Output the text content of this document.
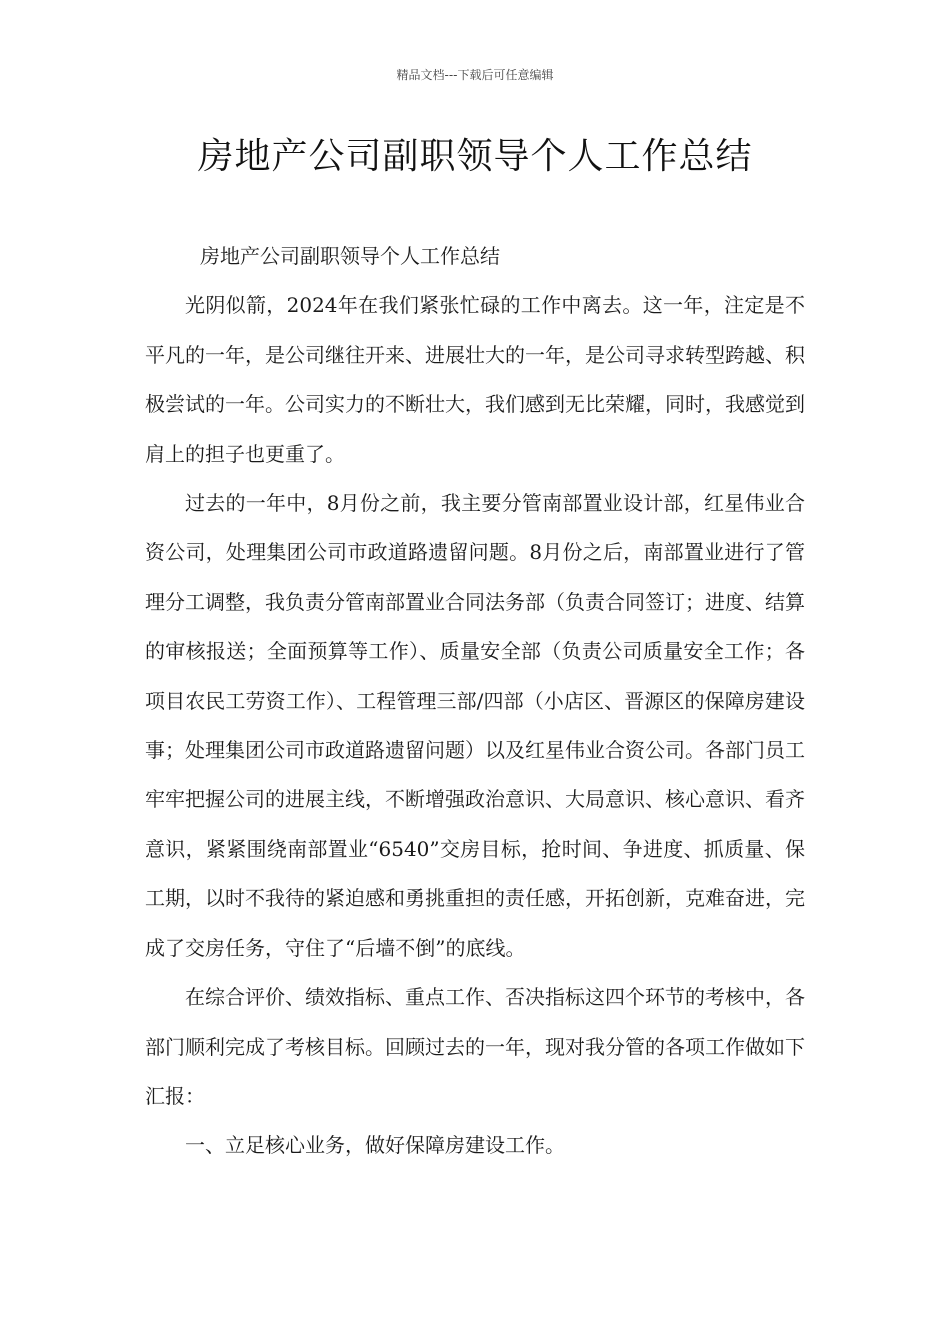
精品文档---下载后可任意编辑
房地产公司副职领导个人工作总结

房地产公司副职领导个人工作总结

光阴似箭，2024年在我们紧张忙碌的工作中离去。这一年，注定是不平凡的一年，是公司继往开来、进展壮大的一年，是公司寻求转型跨越、积极尝试的一年。公司实力的不断壮大，我们感到无比荣耀，同时，我感觉到肩上的担子也更重了。

过去的一年中，8月份之前，我主要分管南部置业设计部，红星伟业合资公司，处理集团公司市政道路遗留问题。8月份之后，南部置业进行了管理分工调整，我负责分管南部置业合同法务部（负责合同签订；进度、结算的审核报送；全面预算等工作）、质量安全部（负责公司质量安全工作；各项目农民工劳资工作）、工程管理三部/四部（小店区、晋源区的保障房建设事；处理集团公司市政道路遗留问题）以及红星伟业合资公司。各部门员工牢牢把握公司的进展主线，不断增强政治意识、大局意识、核心意识、看齐意识，紧紧围绕南部置业“6540”交房目标，抢时间、争进度、抓质量、保工期，以时不我待的紧迫感和勇挑重担的责任感，开拓创新，克难奋进，完成了交房任务，守住了“后墙不倒”的底线。

在综合评价、绩效指标、重点工作、否决指标这四个环节的考核中，各部门顺利完成了考核目标。回顾过去的一年，现对我分管的各项工作做如下汇报：

一、立足核心业务，做好保障房建设工作。
